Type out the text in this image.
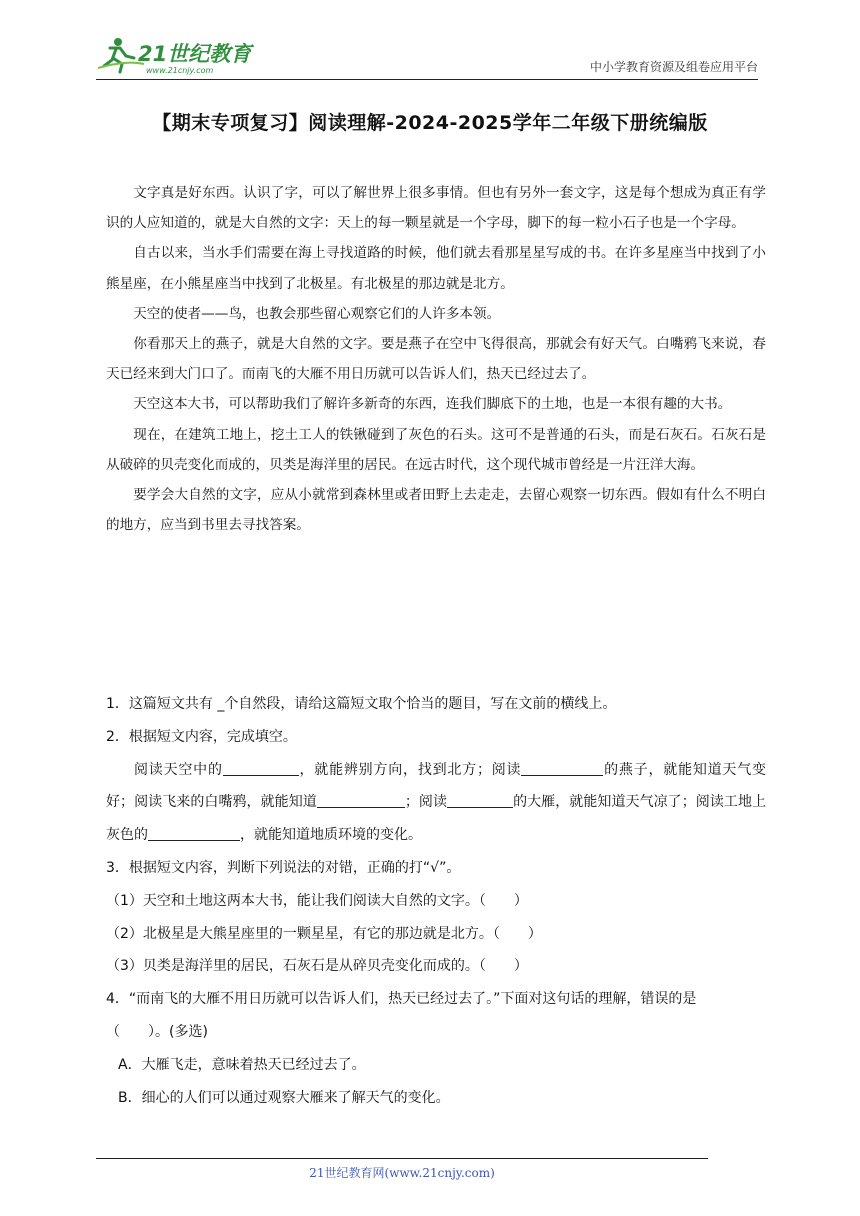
21世纪教育
www.21cnjy.com	中小学教育资源及组卷应用平台
【期末专项复习】阅读理解-2024-2025学年二年级下册统编版

文字真是好东西。认识了字，可以了解世界上很多事情。但也有另外一套文字，这是每个想成为真正有学识的人应知道的，就是大自然的文字：天上的每一颗星就是一个字母，脚下的每一粒小石子也是一个字母。

自古以来，当水手们需要在海上寻找道路的时候，他们就去看那星星写成的书。在许多星座当中找到了小熊星座，在小熊星座当中找到了北极星。有北极星的那边就是北方。

天空的使者——鸟，也教会那些留心观察它们的人许多本领。

你看那天上的燕子，就是大自然的文字。要是燕子在空中飞得很高，那就会有好天气。白嘴鸦飞来说，春天已经来到大门口了。而南飞的大雁不用日历就可以告诉人们，热天已经过去了。

天空这本大书，可以帮助我们了解许多新奇的东西，连我们脚底下的土地，也是一本很有趣的大书。

现在，在建筑工地上，挖土工人的铁锹碰到了灰色的石头。这可不是普通的石头，而是石灰石。石灰石是从破碎的贝壳变化而成的，贝类是海洋里的居民。在远古时代，这个现代城市曾经是一片汪洋大海。

要学会大自然的文字，应从小就常到森林里或者田野上去走走，去留心观察一切东西。假如有什么不明白的地方，应当到书里去寻找答案。

1．这篇短文共有 _个自然段，请给这篇短文取个恰当的题目，写在文前的横线上。

2．根据短文内容，完成填空。

阅读天空中的	，就能辨别方向，找到北方；阅读	的燕子，就能知道天气变好；阅读飞来的白嘴鸦，就能知道	；阅读	的大雁，就能知道天气凉了；阅读工地上灰色的	，就能知道地质环境的变化。

3．根据短文内容，判断下列说法的对错，正确的打“√”。

（1）天空和土地这两本大书，能让我们阅读大自然的文字。（　　）

（2）北极星是大熊星座里的一颗星星，有它的那边就是北方。（　　）

（3）贝类是海洋里的居民，石灰石是从碎贝壳变化而成的。（　　）

4．“而南飞的大雁不用日历就可以告诉人们，热天已经过去了。”下面对这句话的理解，错误的是

（　　）。(多选)

A．大雁飞走，意味着热天已经过去了。

B．细心的人们可以通过观察大雁来了解天气的变化。

21世纪教育网(www.21cnjy.com)
